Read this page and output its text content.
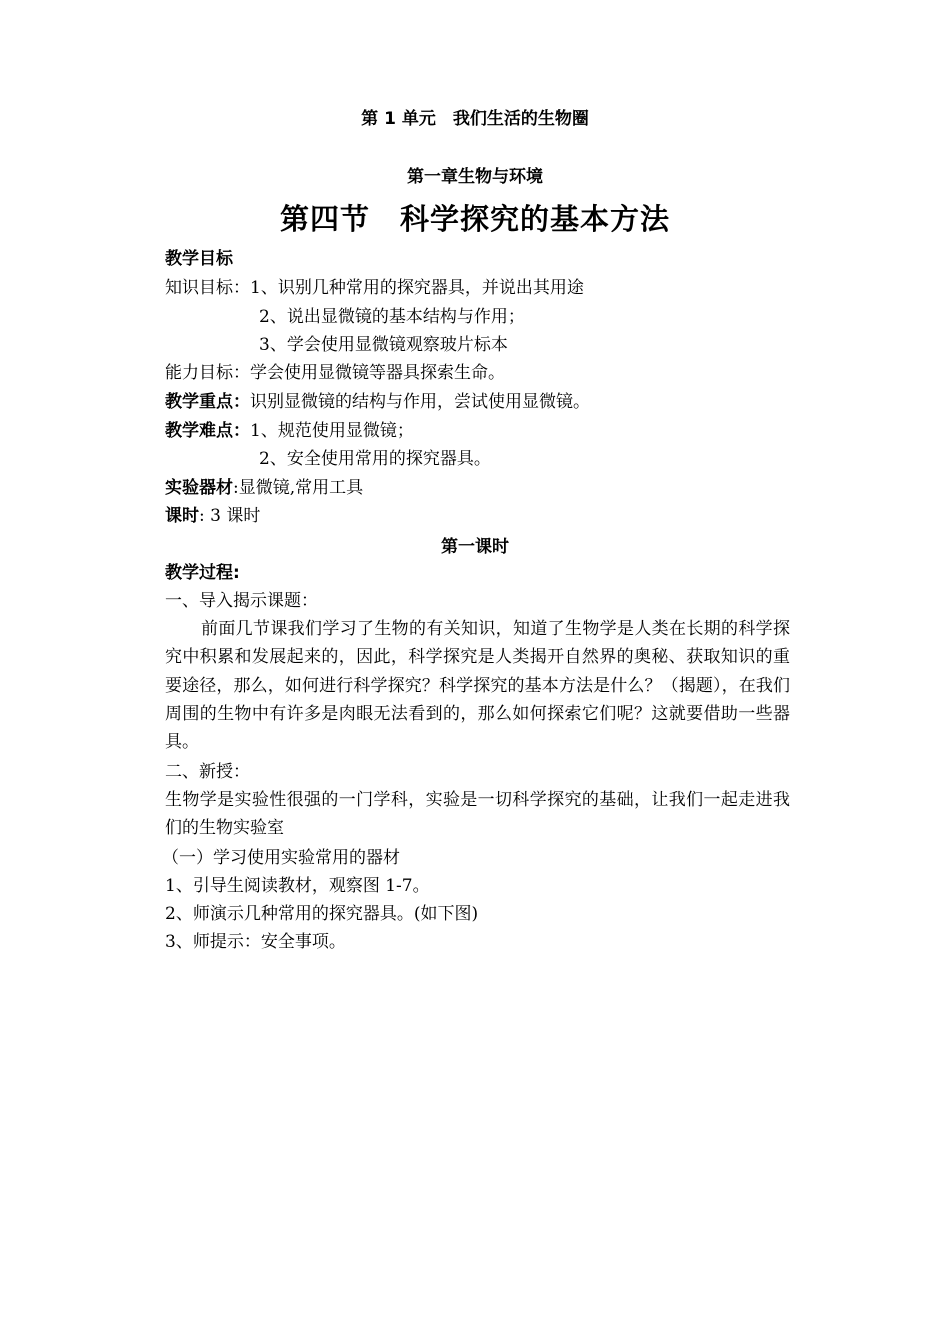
第 1 单元　我们生活的生物圈
第一章生物与环境
第四节　科学探究的基本方法
教学目标
知识目标：1、识别几种常用的探究器具，并说出其用途
2、说出显微镜的基本结构与作用；
3、学会使用显微镜观察玻片标本
能力目标：学会使用显微镜等器具探索生命。
教学重点：识别显微镜的结构与作用，尝试使用显微镜。
教学难点：1、规范使用显微镜；
2、安全使用常用的探究器具。
实验器材:显微镜,常用工具
课时: 3 课时
第一课时
教学过程:
一、导入揭示课题：
前面几节课我们学习了生物的有关知识，知道了生物学是人类在长期的科学探究中积累和发展起来的，因此，科学探究是人类揭开自然界的奥秘、获取知识的重要途径，那么，如何进行科学探究？科学探究的基本方法是什么？（揭题），在我们周围的生物中有许多是肉眼无法看到的，那么如何探索它们呢？这就要借助一些器具。
二、新授：
生物学是实验性很强的一门学科，实验是一切科学探究的基础，让我们一起走进我们的生物实验室
（一）学习使用实验常用的器材
1、引导生阅读教材，观察图 1-7。
2、师演示几种常用的探究器具。(如下图)
3、师提示：安全事项。
